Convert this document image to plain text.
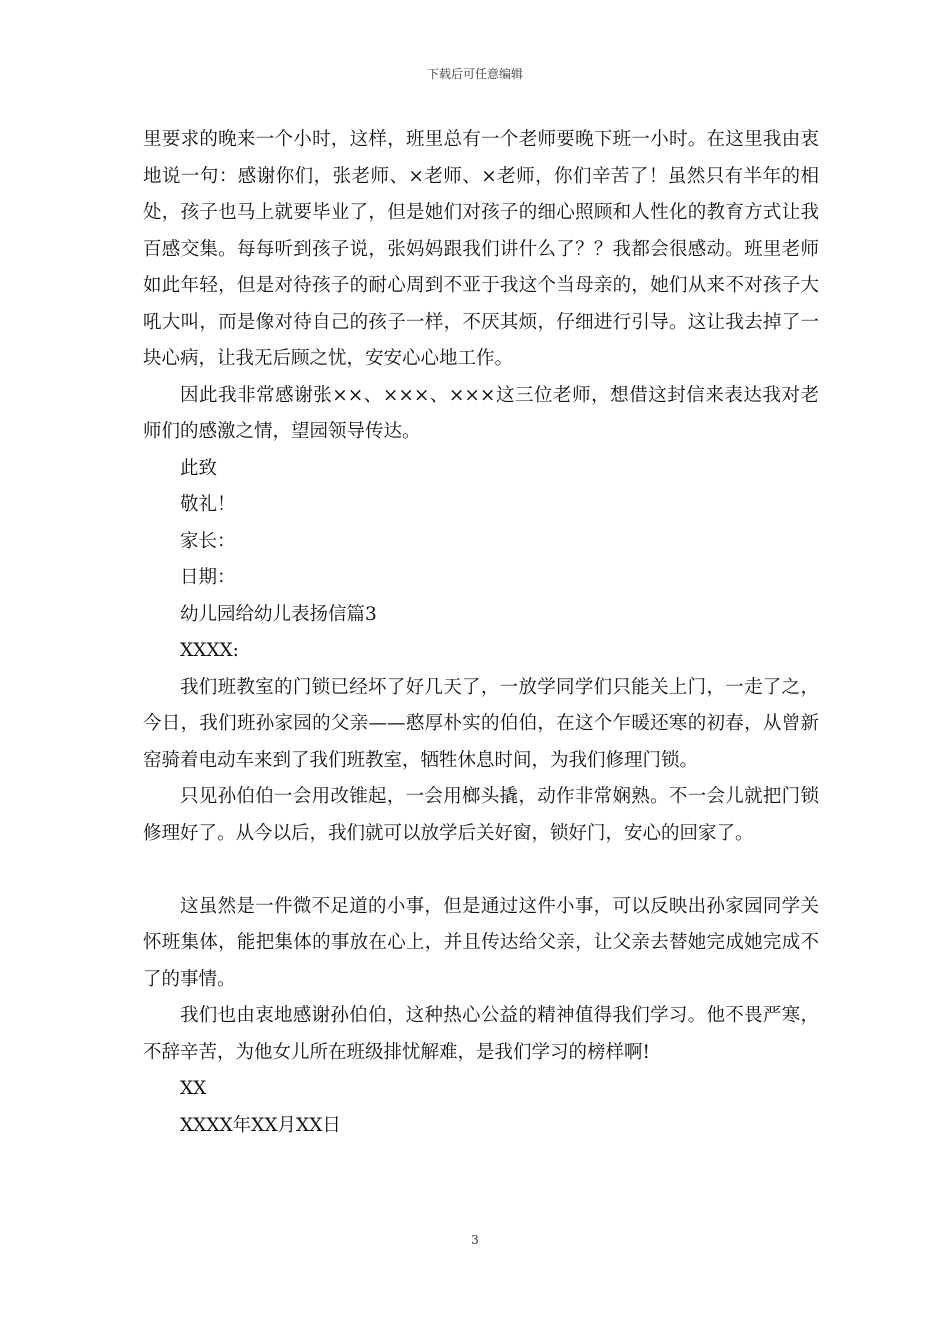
下载后可任意编辑

里要求的晚来一个小时，这样，班里总有一个老师要晚下班一小时。在这里我由衷地说一句：感谢你们，张老师、×老师、×老师，你们辛苦了！虽然只有半年的相处，孩子也马上就要毕业了，但是她们对孩子的细心照顾和人性化的教育方式让我百感交集。每每听到孩子说，张妈妈跟我们讲什么了？？我都会很感动。班里老师如此年轻，但是对待孩子的耐心周到不亚于我这个当母亲的，她们从来不对孩子大吼大叫，而是像对待自己的孩子一样，不厌其烦，仔细进行引导。这让我去掉了一块心病，让我无后顾之忧，安安心心地工作。

因此我非常感谢张××、×××、×××这三位老师，想借这封信来表达我对老师们的感激之情，望园领导传达。

此致

敬礼！

家长：

日期：

幼儿园给幼儿表扬信篇3

XXXX:

我们班教室的门锁已经坏了好几天了，一放学同学们只能关上门，一走了之，今日，我们班孙家园的父亲——憨厚朴实的伯伯，在这个乍暖还寒的初春，从曾新窑骑着电动车来到了我们班教室，牺牲休息时间，为我们修理门锁。

只见孙伯伯一会用改锥起，一会用榔头撬，动作非常娴熟。不一会儿就把门锁修理好了。从今以后，我们就可以放学后关好窗，锁好门，安心的回家了。

这虽然是一件微不足道的小事，但是通过这件小事，可以反映出孙家园同学关怀班集体，能把集体的事放在心上，并且传达给父亲，让父亲去替她完成她完成不了的事情。

我们也由衷地感谢孙伯伯，这种热心公益的精神值得我们学习。他不畏严寒，不辞辛苦，为他女儿所在班级排忧解难，是我们学习的榜样啊!

XX

XXXX年XX月XX日

3
